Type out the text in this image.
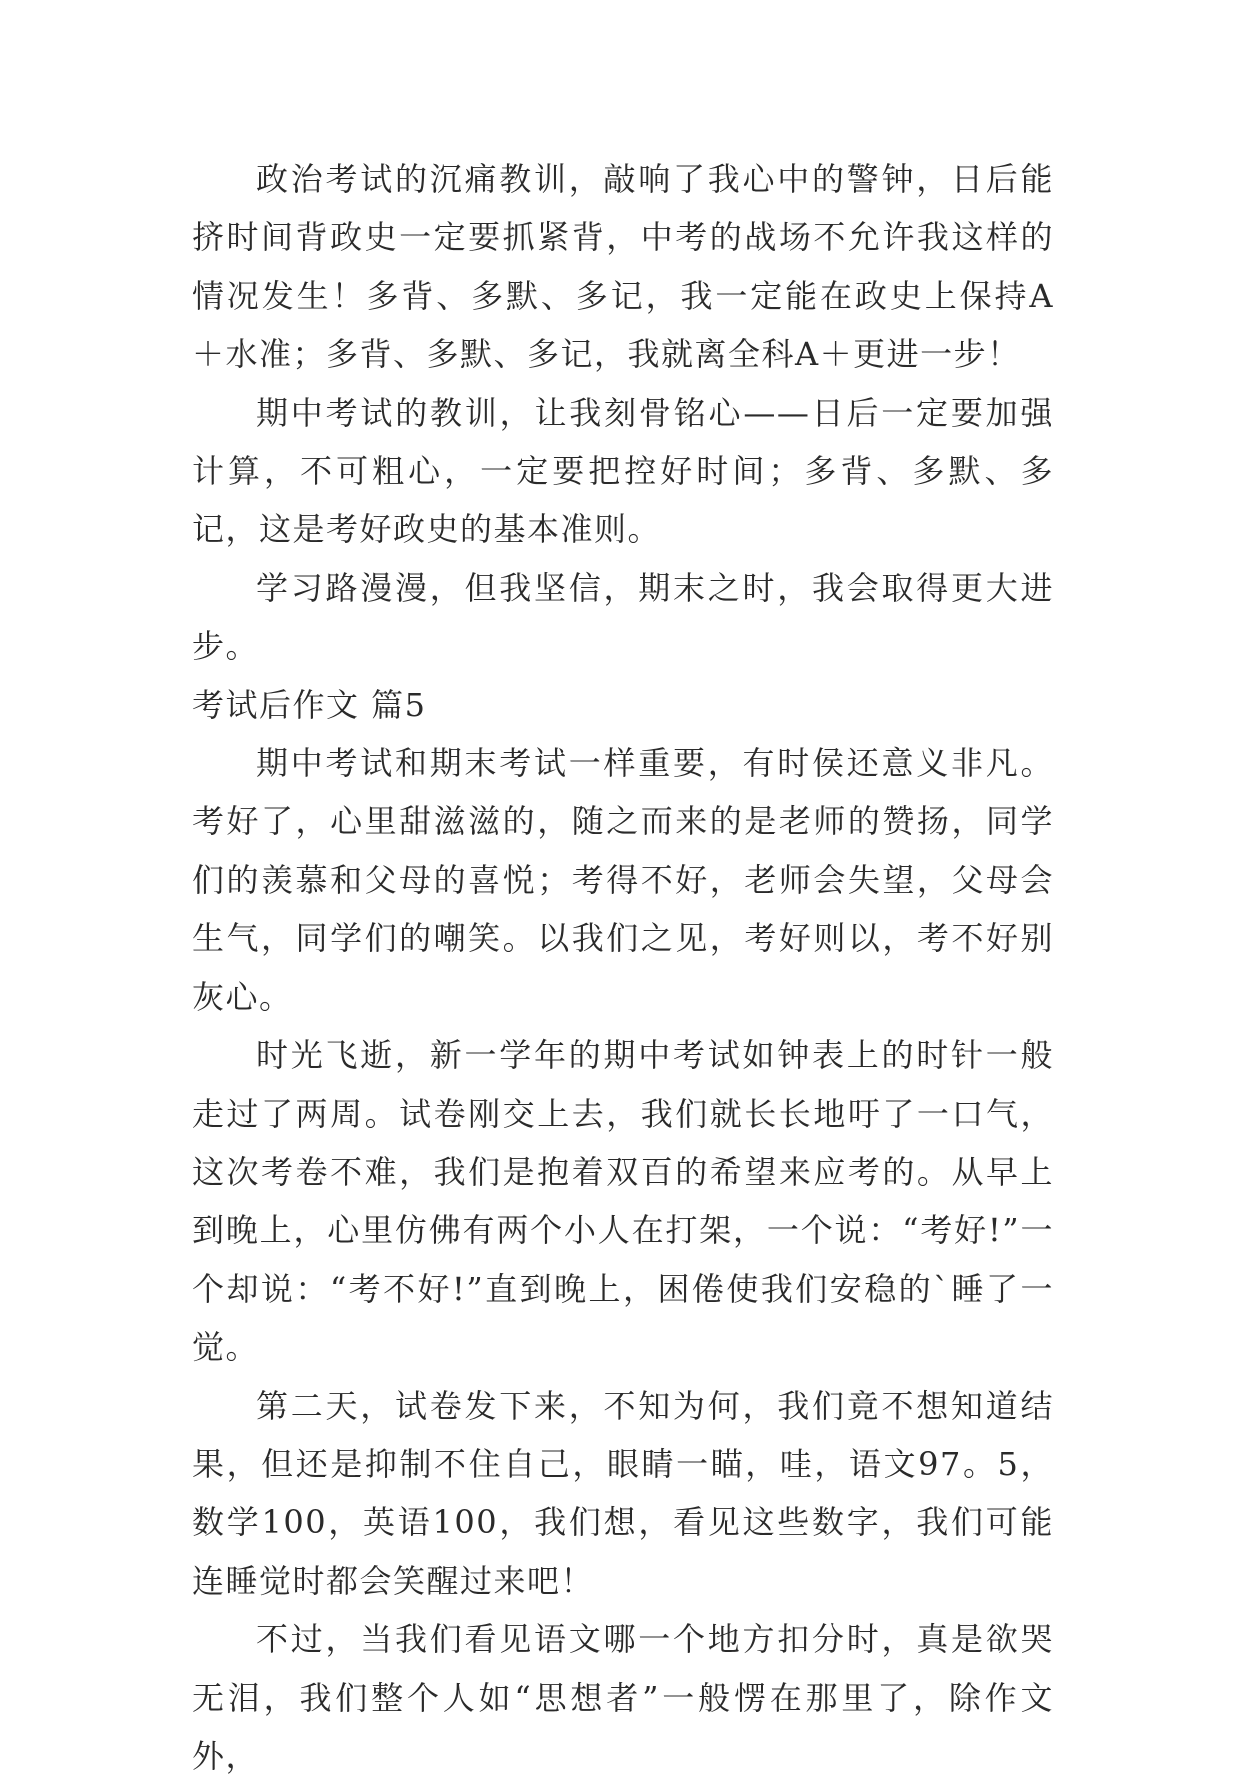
政治考试的沉痛教训，敲响了我心中的警钟，日后能挤时间背政史一定要抓紧背，中考的战场不允许我这样的情况发生！多背、多默、多记，我一定能在政史上保持A＋水准；多背、多默、多记，我就离全科A＋更进一步！

期中考试的教训，让我刻骨铭心——日后一定要加强计算，不可粗心，一定要把控好时间；多背、多默、多记，这是考好政史的基本准则。

学习路漫漫，但我坚信，期末之时，我会取得更大进步。

考试后作文 篇5

期中考试和期末考试一样重要，有时侯还意义非凡。考好了，心里甜滋滋的，随之而来的是老师的赞扬，同学们的羡慕和父母的喜悦；考得不好，老师会失望，父母会生气，同学们的嘲笑。以我们之见，考好则以，考不好别灰心。

时光飞逝，新一学年的期中考试如钟表上的时针一般走过了两周。试卷刚交上去，我们就长长地吁了一口气，这次考卷不难，我们是抱着双百的希望来应考的。从早上到晚上，心里仿佛有两个小人在打架，一个说：“考好!”一个却说：“考不好!”直到晚上，困倦使我们安稳的`睡了一觉。

第二天，试卷发下来，不知为何，我们竟不想知道结果，但还是抑制不住自己，眼睛一瞄，哇，语文97。5，数学100，英语100，我们想，看见这些数字，我们可能连睡觉时都会笑醒过来吧！

不过，当我们看见语文哪一个地方扣分时，真是欲哭无泪，我们整个人如“思想者”一般愣在那里了，除作文外，
